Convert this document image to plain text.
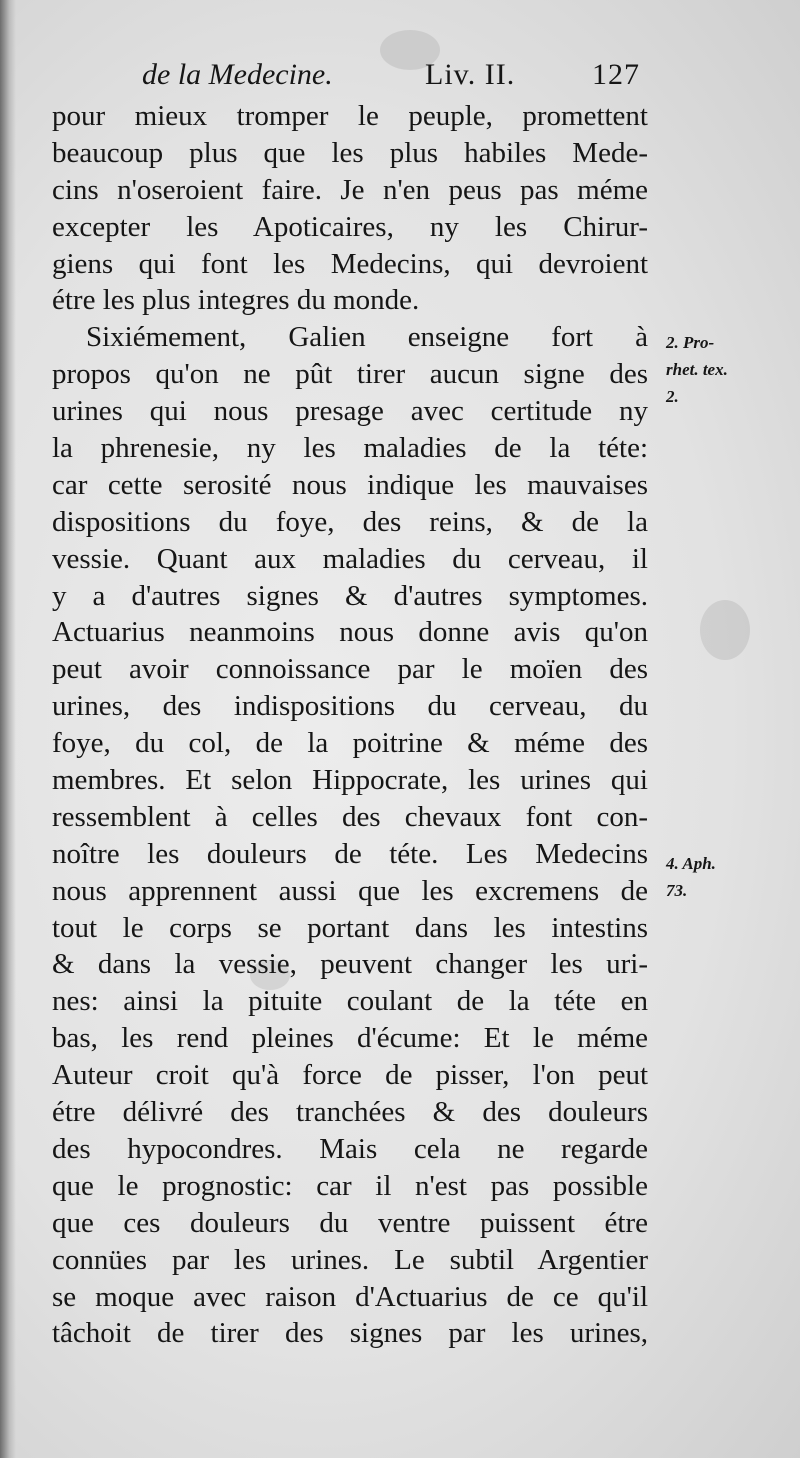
de la Medecine.	Liv. II.	127
pour mieux tromper le peuple, promettent
beaucoup plus que les plus habiles Mede-
cins n'oseroient faire. Je n'en peus pas méme
excepter les Apoticaires, ny les Chirur-
giens qui font les Medecins, qui devroient
étre les plus integres du monde.
Sixiémement, Galien enseigne fort à
propos qu'on ne pût tirer aucun signe des
urines qui nous presage avec certitude ny
la phrenesie, ny les maladies de la téte:
car cette serosité nous indique les mauvaises
dispositions du foye, des reins, & de la
vessie. Quant aux maladies du cerveau, il
y a d'autres signes & d'autres symptomes.
Actuarius neanmoins nous donne avis qu'on
peut avoir connoissance par le moïen des
urines, des indispositions du cerveau, du
foye, du col, de la poitrine & méme des
membres. Et selon Hippocrate, les urines qui
ressemblent à celles des chevaux font con-
noître les douleurs de téte. Les Medecins
nous apprennent aussi que les excremens de
tout le corps se portant dans les intestins
& dans la vessie, peuvent changer les uri-
nes: ainsi la pituite coulant de la téte en
bas, les rend pleines d'écume: Et le méme
Auteur croit qu'à force de pisser, l'on peut
étre délivré des tranchées & des douleurs
des hypocondres. Mais cela ne regarde
que le prognostic: car il n'est pas possible
que ces douleurs du ventre puissent étre
connües par les urines. Le subtil Argentier
se moque avec raison d'Actuarius de ce qu'il
tâchoit de tirer des signes par les urines,
2. Pro-
rhet. tex.
2.
4. Aph.
73.
